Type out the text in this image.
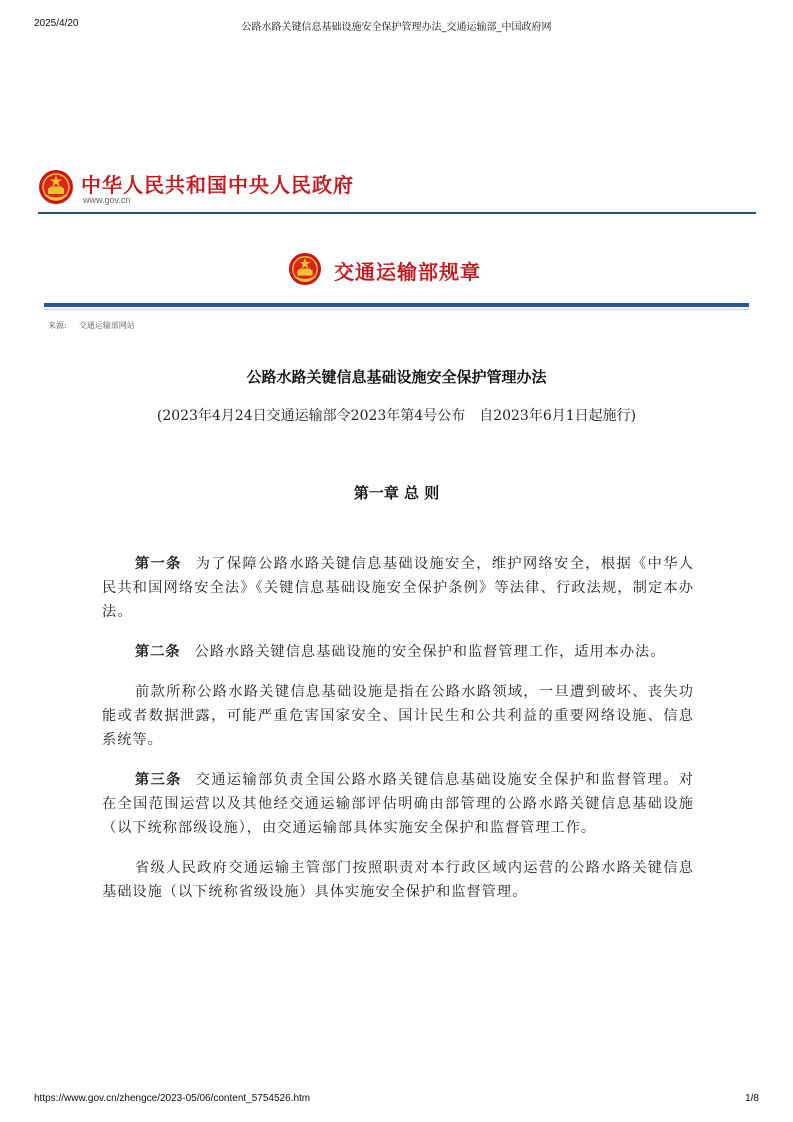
2025/4/20	公路水路关键信息基础设施安全保护管理办法_交通运输部_中国政府网
中华人民共和国中央人民政府
www.gov.cn
交通运输部规章
来源: 交通运输部网站
公路水路关键信息基础设施安全保护管理办法
(2023年4月24日交通运输部令2023年第4号公布　自2023年6月1日起施行)
第一章 总 则

第一条 为了保障公路水路关键信息基础设施安全，维护网络安全，根据《中华人民共和国网络安全法》《关键信息基础设施安全保护条例》等法律、行政法规，制定本办法。

第二条 公路水路关键信息基础设施的安全保护和监督管理工作，适用本办法。

前款所称公路水路关键信息基础设施是指在公路水路领域，一旦遭到破坏、丧失功能或者数据泄露，可能严重危害国家安全、国计民生和公共利益的重要网络设施、信息系统等。

第三条 交通运输部负责全国公路水路关键信息基础设施安全保护和监督管理。对在全国范围运营以及其他经交通运输部评估明确由部管理的公路水路关键信息基础设施（以下统称部级设施），由交通运输部具体实施安全保护和监督管理工作。

省级人民政府交通运输主管部门按照职责对本行政区域内运营的公路水路关键信息基础设施（以下统称省级设施）具体实施安全保护和监督管理。

https://www.gov.cn/zhengce/2023-05/06/content_5754526.htm	1/8
